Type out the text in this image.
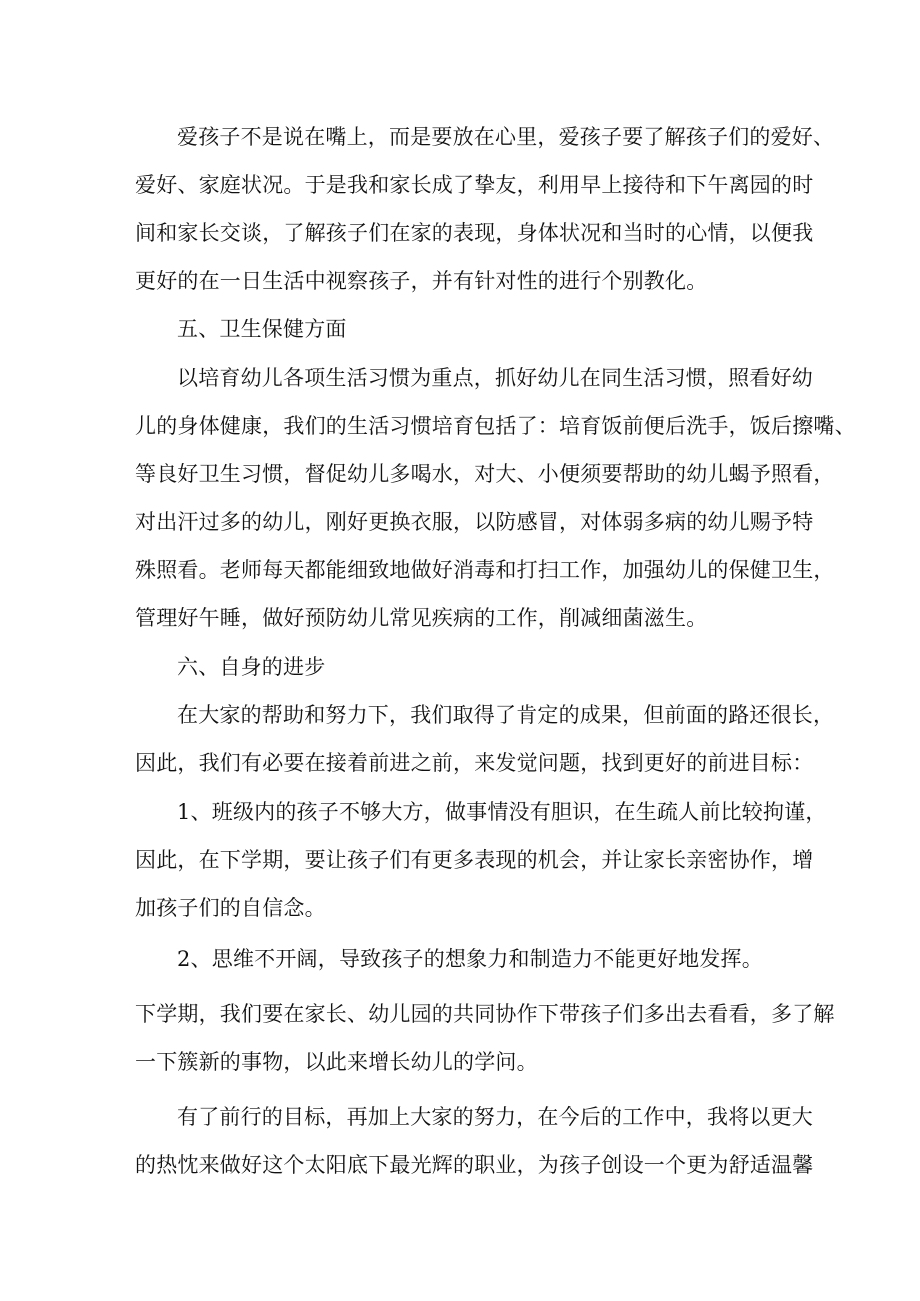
爱孩子不是说在嘴上，而是要放在心里，爱孩子要了解孩子们的爱好、
爱好、家庭状况。于是我和家长成了挚友，利用早上接待和下午离园的时
间和家长交谈，了解孩子们在家的表现，身体状况和当时的心情，以便我
更好的在一日生活中视察孩子，并有针对性的进行个别教化。
五、卫生保健方面
以培育幼儿各项生活习惯为重点，抓好幼儿在同生活习惯，照看好幼
儿的身体健康，我们的生活习惯培育包括了：培育饭前便后洗手，饭后擦嘴、
等良好卫生习惯，督促幼儿多喝水，对大、小便须要帮助的幼儿蝎予照看，
对出汗过多的幼儿，刚好更换衣服，以防感冒，对体弱多病的幼儿赐予特
殊照看。老师每天都能细致地做好消毒和打扫工作，加强幼儿的保健卫生，
管理好午睡，做好预防幼儿常见疾病的工作，削减细菌滋生。
六、自身的进步
在大家的帮助和努力下，我们取得了肯定的成果，但前面的路还很长，
因此，我们有必要在接着前进之前，来发觉问题，找到更好的前进目标：
1、班级内的孩子不够大方，做事情没有胆识，在生疏人前比较拘谨，
因此，在下学期，要让孩子们有更多表现的机会，并让家长亲密协作，增
加孩子们的自信念。
2、思维不开阔，导致孩子的想象力和制造力不能更好地发挥。
下学期，我们要在家长、幼儿园的共同协作下带孩子们多出去看看，多了解
一下簇新的事物，以此来增长幼儿的学问。
有了前行的目标，再加上大家的努力，在今后的工作中，我将以更大
的热忱来做好这个太阳底下最光辉的职业，为孩子创设一个更为舒适温馨
